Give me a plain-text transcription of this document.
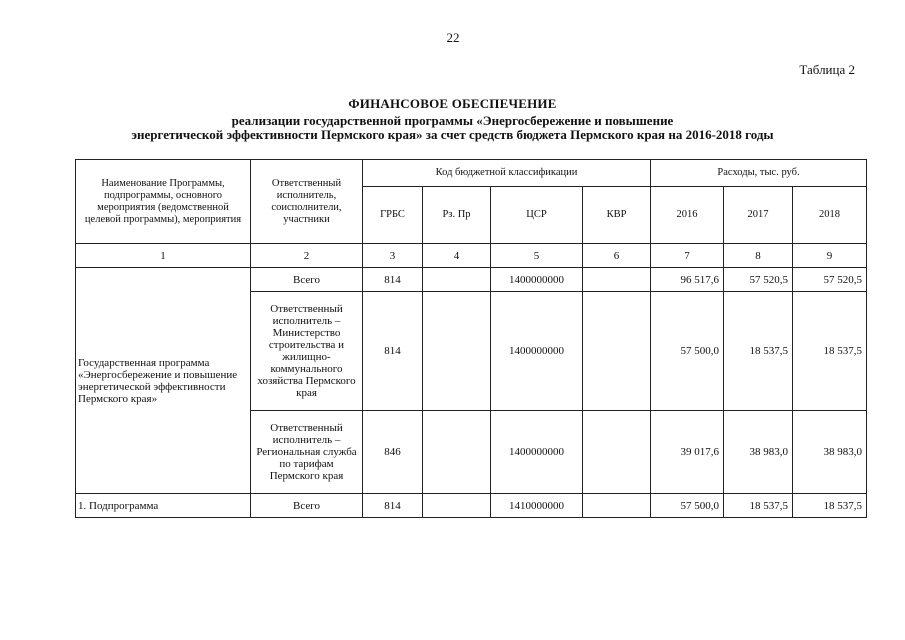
22
Таблица 2
ФИНАНСОВОЕ ОБЕСПЕЧЕНИЕ
реализации государственной программы «Энергосбережение и повышение
энергетической эффективности Пермского края» за счет средств бюджета Пермского края на 2016-2018 годы
Наименование Программы, подпрограммы, основного мероприятия (ведомственной целевой программы), мероприятия	Ответственный исполнитель, соисполнители, участники	Код бюджетной классификации				Расходы, тыс. руб.		
		ГРБС	Рз. Пр	ЦСР	КВР	2016	2017	2018
1	2	3	4	5	6	7	8	9
Государственная программа «Энергосбережение и повышение энергетической эффективности Пермского края»	Всего	814		1400000000		96 517,6	57 520,5	57 520,5
	Ответственный исполнитель – Министерство строительства и жилищно-коммунального хозяйства Пермского края	814		1400000000		57 500,0	18 537,5	18 537,5
	Ответственный исполнитель – Региональная служба по тарифам Пермского края	846		1400000000		39 017,6	38 983,0	38 983,0
1. Подпрограмма	Всего	814		1410000000		57 500,0	18 537,5	18 537,5
